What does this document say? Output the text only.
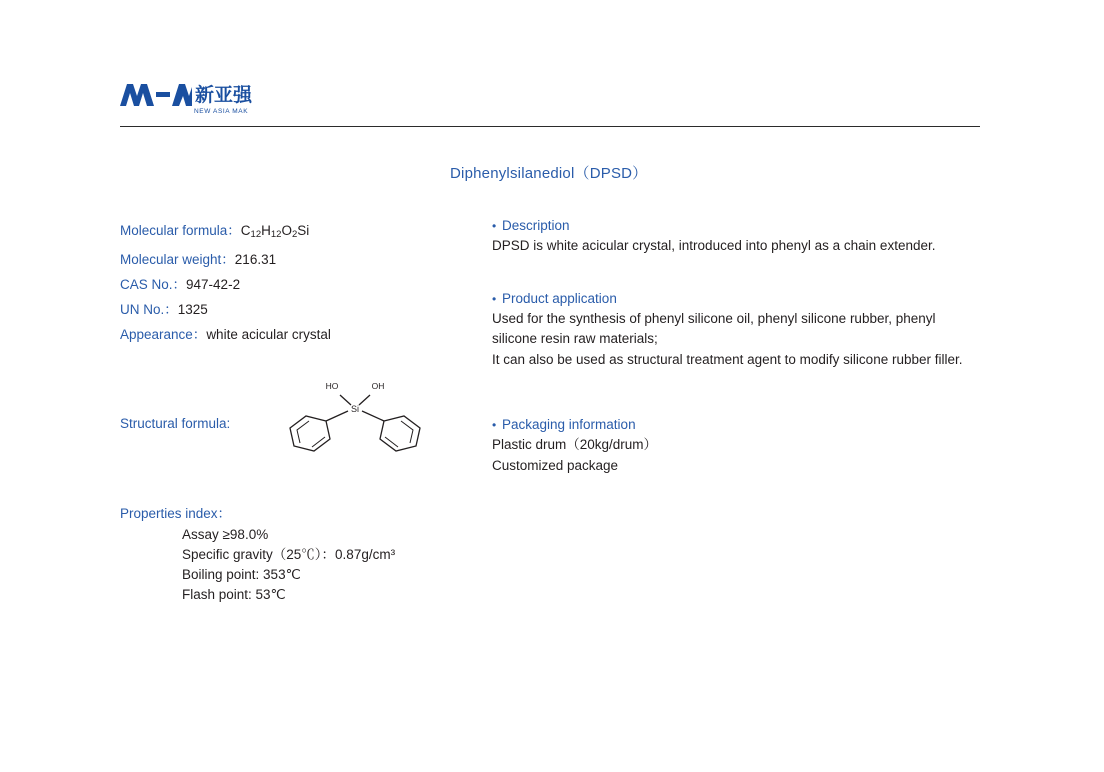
新亚强
NEW ASIA MAK
Diphenylsilanediol（DPSD）
Molecular formula：$C_{12}H_{12}O_2Si$
Molecular weight：216.31
CAS No.：947-42-2
UN No.：1325
Appearance：white acicular crystal
Structural formula:
Si
HO	OH
Properties index：
Assay ≥98.0%
Specific gravity（25℃）：0.87g/cm³
Boiling point: 353℃
Flash point: 53℃
• Description

DPSD is white acicular crystal, introduced into phenyl as a chain extender.

• Product application

Used for the synthesis of phenyl silicone oil, phenyl silicone rubber, phenyl silicone resin raw materials;

It can also be used as structural treatment agent to modify silicone rubber filler.

• Packaging information

Plastic drum（20kg/drum）

Customized package
